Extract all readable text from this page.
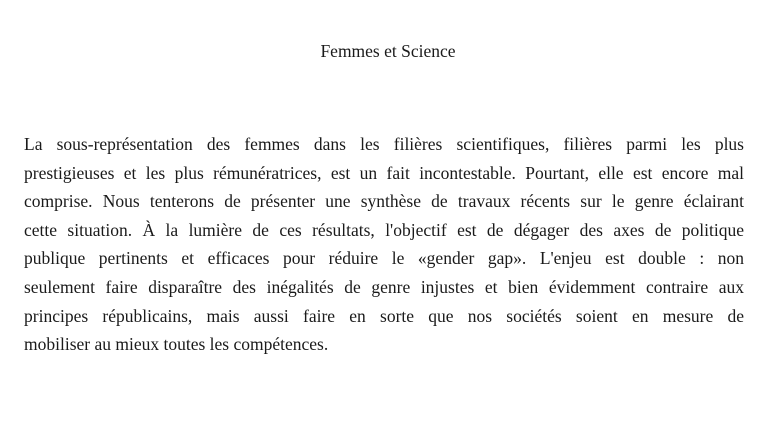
Femmes et Science
La sous-représentation des femmes dans les filières scientifiques, filières parmi les plus
prestigieuses et les plus rémunératrices, est un fait incontestable. Pourtant, elle est encore mal
comprise. Nous tenterons de présenter une synthèse de travaux récents sur le genre éclairant
cette situation. À la lumière de ces résultats, l'objectif est de dégager des axes de politique
publique pertinents et efficaces pour réduire le «gender gap». L'enjeu est double : non
seulement faire disparaître des inégalités de genre injustes et bien évidemment contraire aux
principes républicains, mais aussi faire en sorte que nos sociétés soient en mesure de
mobiliser au mieux toutes les compétences.
